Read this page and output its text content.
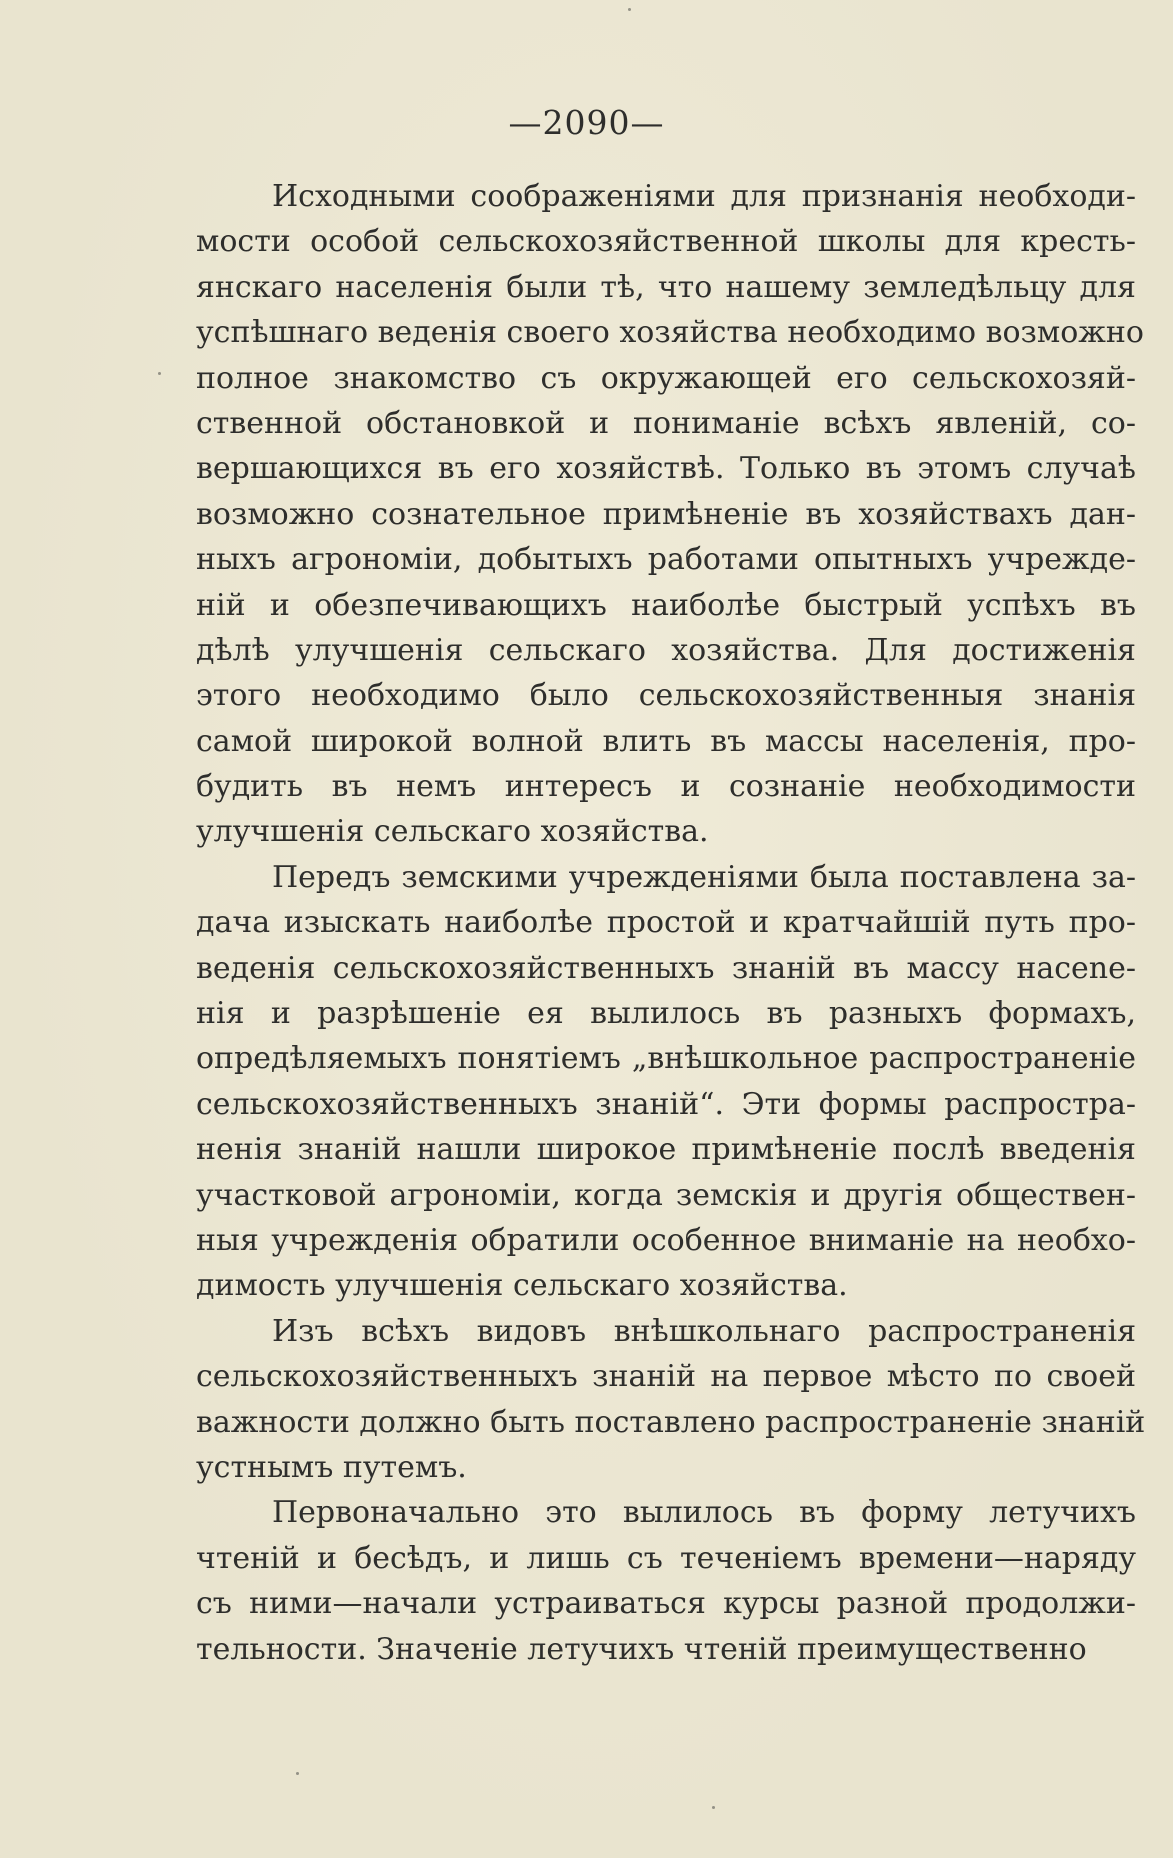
—2090—
Исходными соображеніями для признанія необходи-
мости особой сельскохозяйственной школы для кресть-
янскаго населенія были тѣ, что нашему земледѣльцу для
успѣшнаго веденія своего хозяйства необходимо возможно
полное знакомство съ окружающей его сельскохозяй-
ственной обстановкой и пониманіе всѣхъ явленій, со-
вершающихся въ его хозяйствѣ. Только въ этомъ случаѣ
возможно сознательное примѣненіе въ хозяйствахъ дан-
ныхъ агрономіи, добытыхъ работами опытныхъ учрежде-
ній и обезпечивающихъ наиболѣе быстрый успѣхъ въ
дѣлѣ улучшенія сельскаго хозяйства. Для достиженія
этого необходимо было сельскохозяйственныя знанія
самой широкой волной влить въ массы населенія, про-
будить въ немъ интересъ и сознаніе необходимости
улучшенія сельскаго хозяйства.
Передъ земскими учрежденіями была поставлена за-
дача изыскать наиболѣе простой и кратчайшій путь про-
веденія сельскохозяйственныхъ знаній въ массу насеnе-
нія и разрѣшеніе ея вылилось въ разныхъ формахъ,
опредѣляемыхъ понятіемъ „внѣшкольное распространеніе
сельскохозяйственныхъ знаній“. Эти формы распростра-
ненія знаній нашли широкое примѣненіе послѣ введенія
участковой агрономіи, когда земскія и другія обществен-
ныя учрежденія обратили особенное вниманіе на необхо-
димость улучшенія сельскаго хозяйства.
Изъ всѣхъ видовъ внѣшкольнаго распространенія
сельскохозяйственныхъ знаній на первое мѣсто по своей
важности должно быть поставлено распространеніе знаній
устнымъ путемъ.
Первоначально это вылилось въ форму летучихъ
чтеній и бесѣдъ, и лишь съ теченіемъ времени—наряду
съ ними—начали устраиваться курсы разной продолжи-
тельности. Значеніе летучихъ чтеній преимущественно
